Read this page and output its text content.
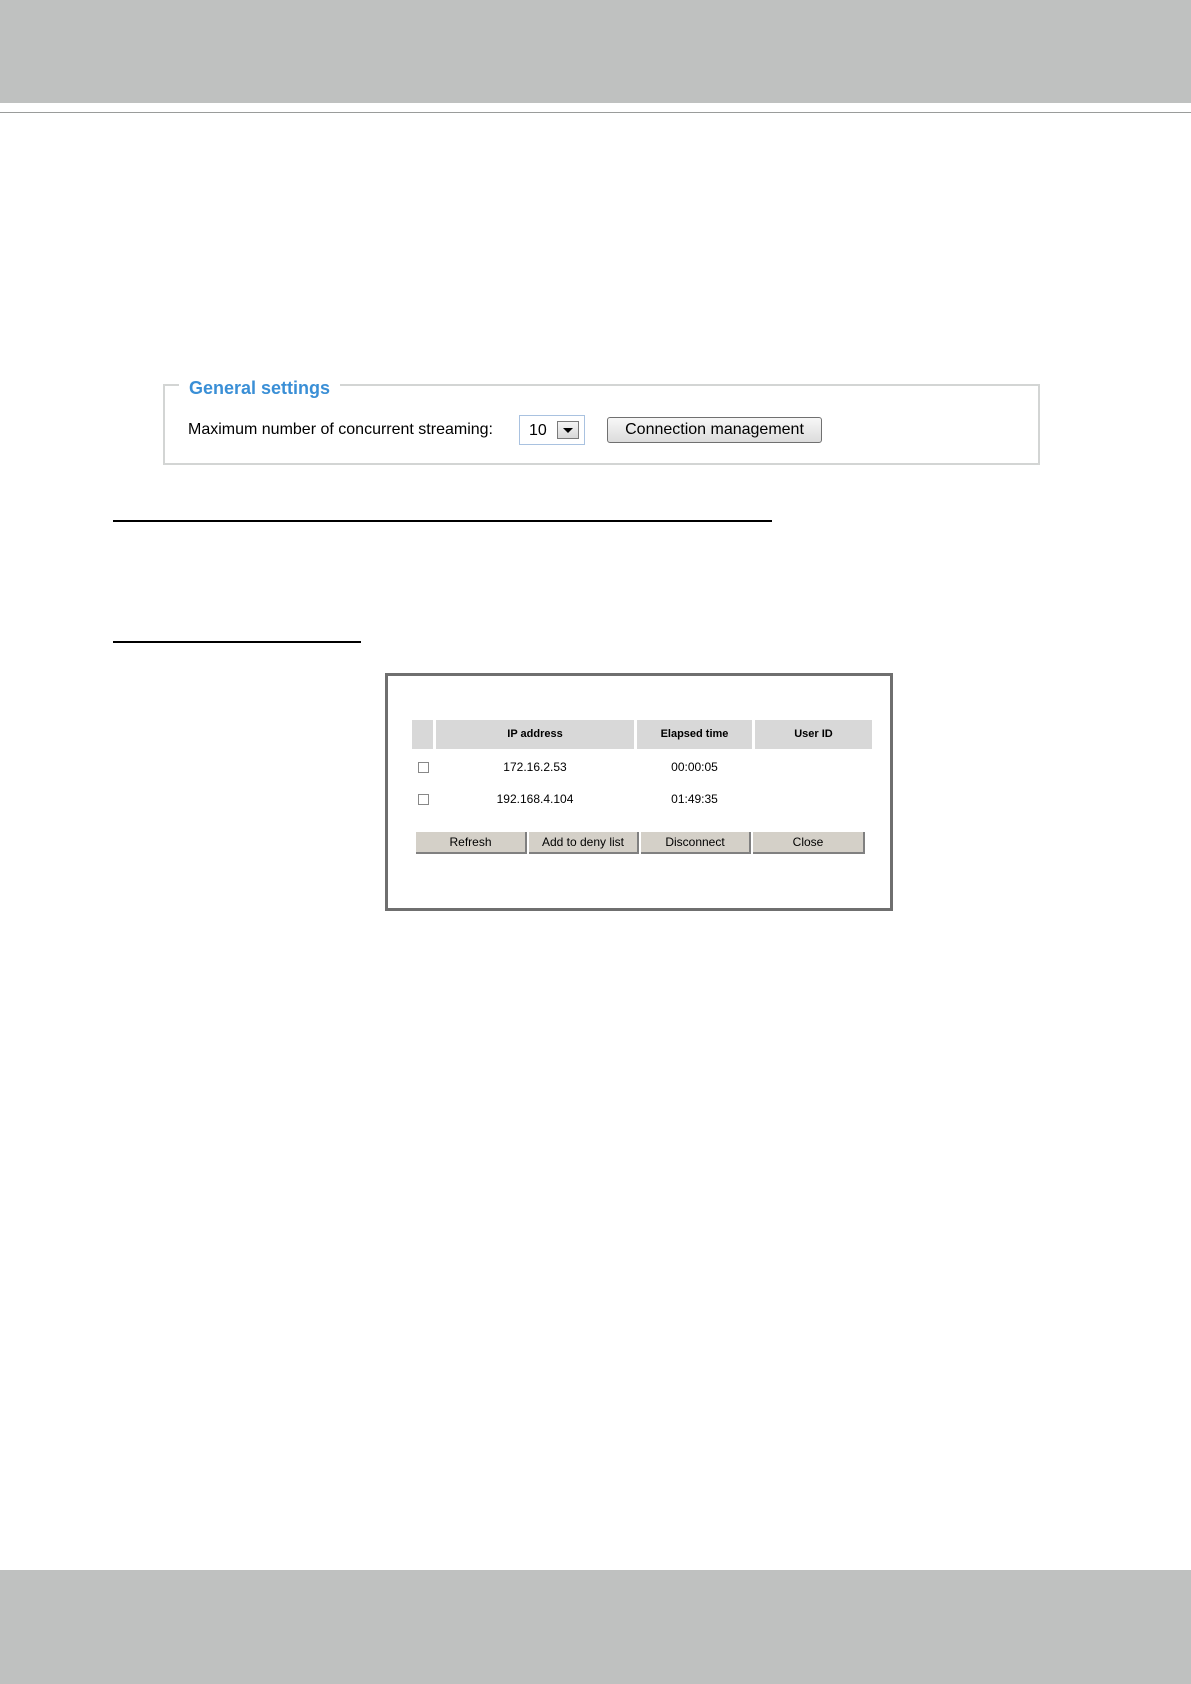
General settings
Maximum number of concurrent streaming: 10	Connection management
IP address	Elapsed time	User ID
172.16.2.53	00:00:05
192.168.4.104	01:49:35
Refresh	Add to deny list	Disconnect	Close
